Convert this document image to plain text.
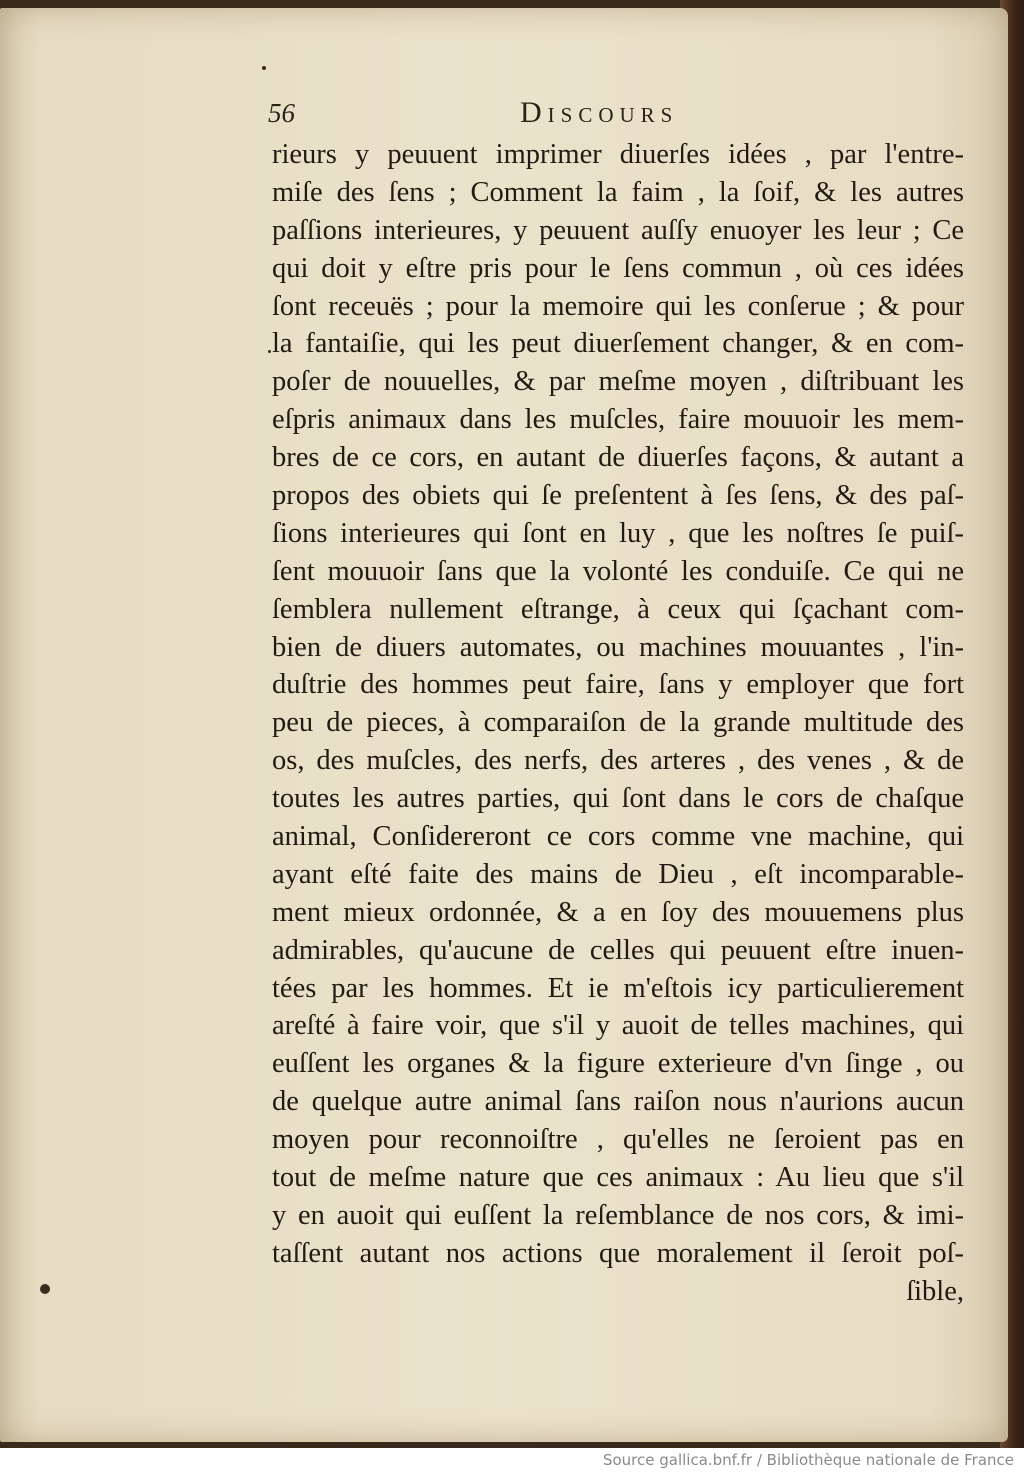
56	Discours
rieurs y peuuent imprimer diuerſes idées , par l'entre-
miſe des ſens ; Comment la faim , la ſoif, & les autres
paſſions interieures, y peuuent auſſy enuoyer les leur ; Ce
qui doit y eſtre pris pour le ſens commun , où ces idées
ſont receuës ; pour la memoire qui les conſerue ; & pour
la fantaiſie, qui les peut diuerſement changer, & en com-
poſer de nouuelles, & par meſme moyen , diſtribuant les
eſpris animaux dans les muſcles, faire mouuoir les mem-
bres de ce cors, en autant de diuerſes façons, & autant a
propos des obiets qui ſe preſentent à ſes ſens, & des paſ-
ſions interieures qui ſont en luy , que les noſtres ſe puiſ-
ſent mouuoir ſans que la volonté les conduiſe. Ce qui ne
ſemblera nullement eſtrange, à ceux qui ſçachant com-
bien de diuers automates, ou machines mouuantes , l'in-
duſtrie des hommes peut faire, ſans y employer que fort
peu de pieces, à comparaiſon de la grande multitude des
os, des muſcles, des nerfs, des arteres , des venes , & de
toutes les autres parties, qui ſont dans le cors de chaſque
animal, Conſidereront ce cors comme vne machine, qui
ayant eſté faite des mains de Dieu , eſt incomparable-
ment mieux ordonnée, & a en ſoy des mouuemens plus
admirables, qu'aucune de celles qui peuuent eſtre inuen-
tées par les hommes. Et ie m'eſtois icy particulierement
areſté à faire voir, que s'il y auoit de telles machines, qui
euſſent les organes & la figure exterieure d'vn ſinge , ou
de quelque autre animal ſans raiſon nous n'aurions aucun
moyen pour reconnoiſtre , qu'elles ne ſeroient pas en
tout de meſme nature que ces animaux : Au lieu que s'il
y en auoit qui euſſent la reſemblance de nos cors, & imi-
taſſent autant nos actions que moralement il ſeroit poſ-
ſible,
Source gallica.bnf.fr / Bibliothèque nationale de France
